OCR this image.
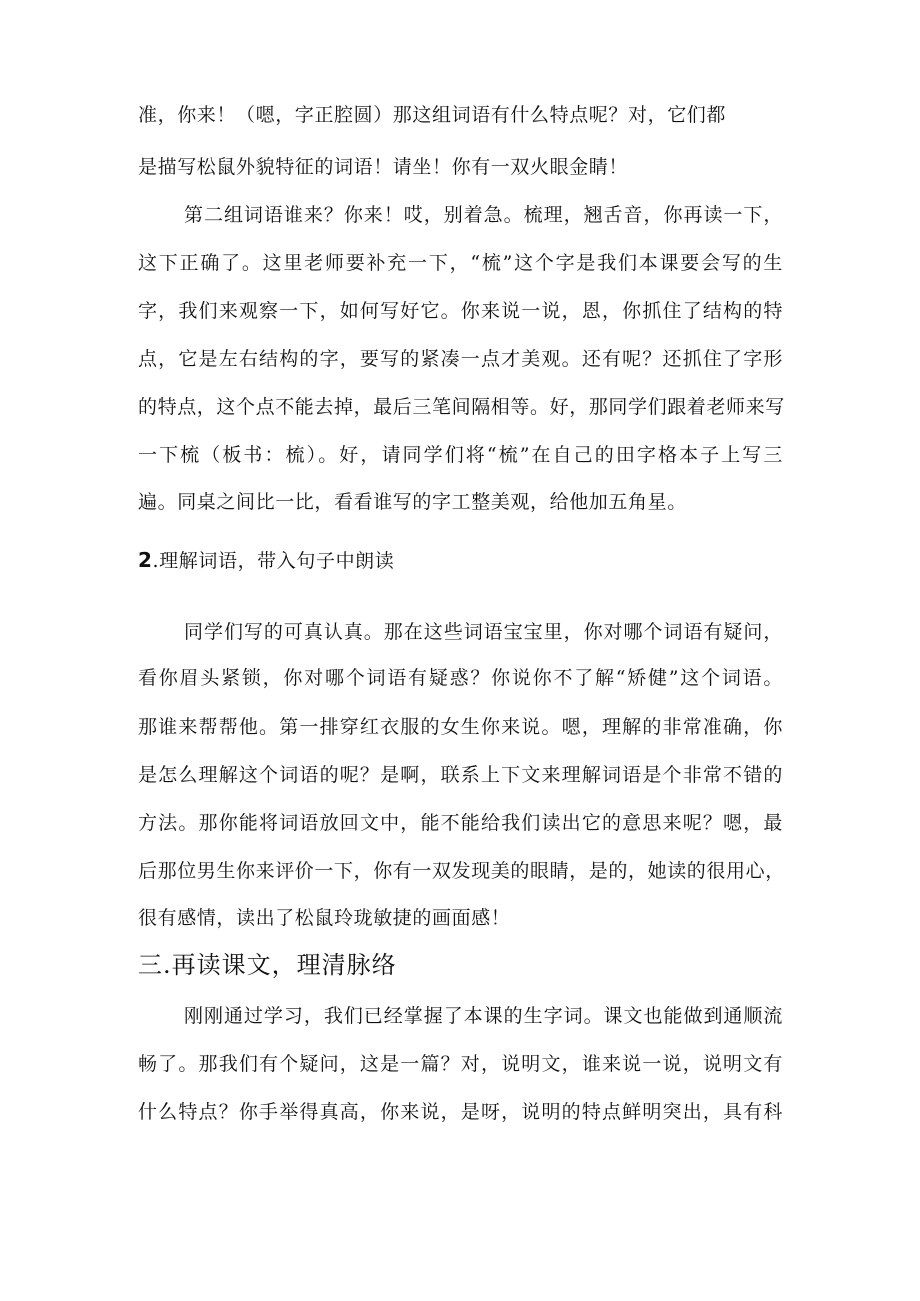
准，你来！（嗯，字正腔圆）那这组词语有什么特点呢？对，它们都
是描写松鼠外貌特征的词语！请坐！你有一双火眼金睛！
第二组词语谁来？你来！哎，别着急。梳理，翘舌音，你再读一下，
这下正确了。这里老师要补充一下，“梳”这个字是我们本课要会写的生
字，我们来观察一下，如何写好它。你来说一说，恩，你抓住了结构的特
点，它是左右结构的字，要写的紧凑一点才美观。还有呢？还抓住了字形
的特点，这个点不能去掉，最后三笔间隔相等。好，那同学们跟着老师来写
一下梳（板书：梳）。好，请同学们将“梳”在自己的田字格本子上写三
遍。同桌之间比一比，看看谁写的字工整美观，给他加五角星。
2.理解词语，带入句子中朗读
同学们写的可真认真。那在这些词语宝宝里，你对哪个词语有疑问，
看你眉头紧锁，你对哪个词语有疑惑？你说你不了解“矫健”这个词语。
那谁来帮帮他。第一排穿红衣服的女生你来说。嗯，理解的非常准确，你
是怎么理解这个词语的呢？是啊，联系上下文来理解词语是个非常不错的
方法。那你能将词语放回文中，能不能给我们读出它的意思来呢？嗯，最
后那位男生你来评价一下，你有一双发现美的眼睛，是的，她读的很用心，
很有感情，读出了松鼠玲珑敏捷的画面感！
三.再读课文，理清脉络
刚刚通过学习，我们已经掌握了本课的生字词。课文也能做到通顺流
畅了。那我们有个疑问，这是一篇？对，说明文，谁来说一说，说明文有
什么特点？你手举得真高，你来说，是呀，说明的特点鲜明突出，具有科
